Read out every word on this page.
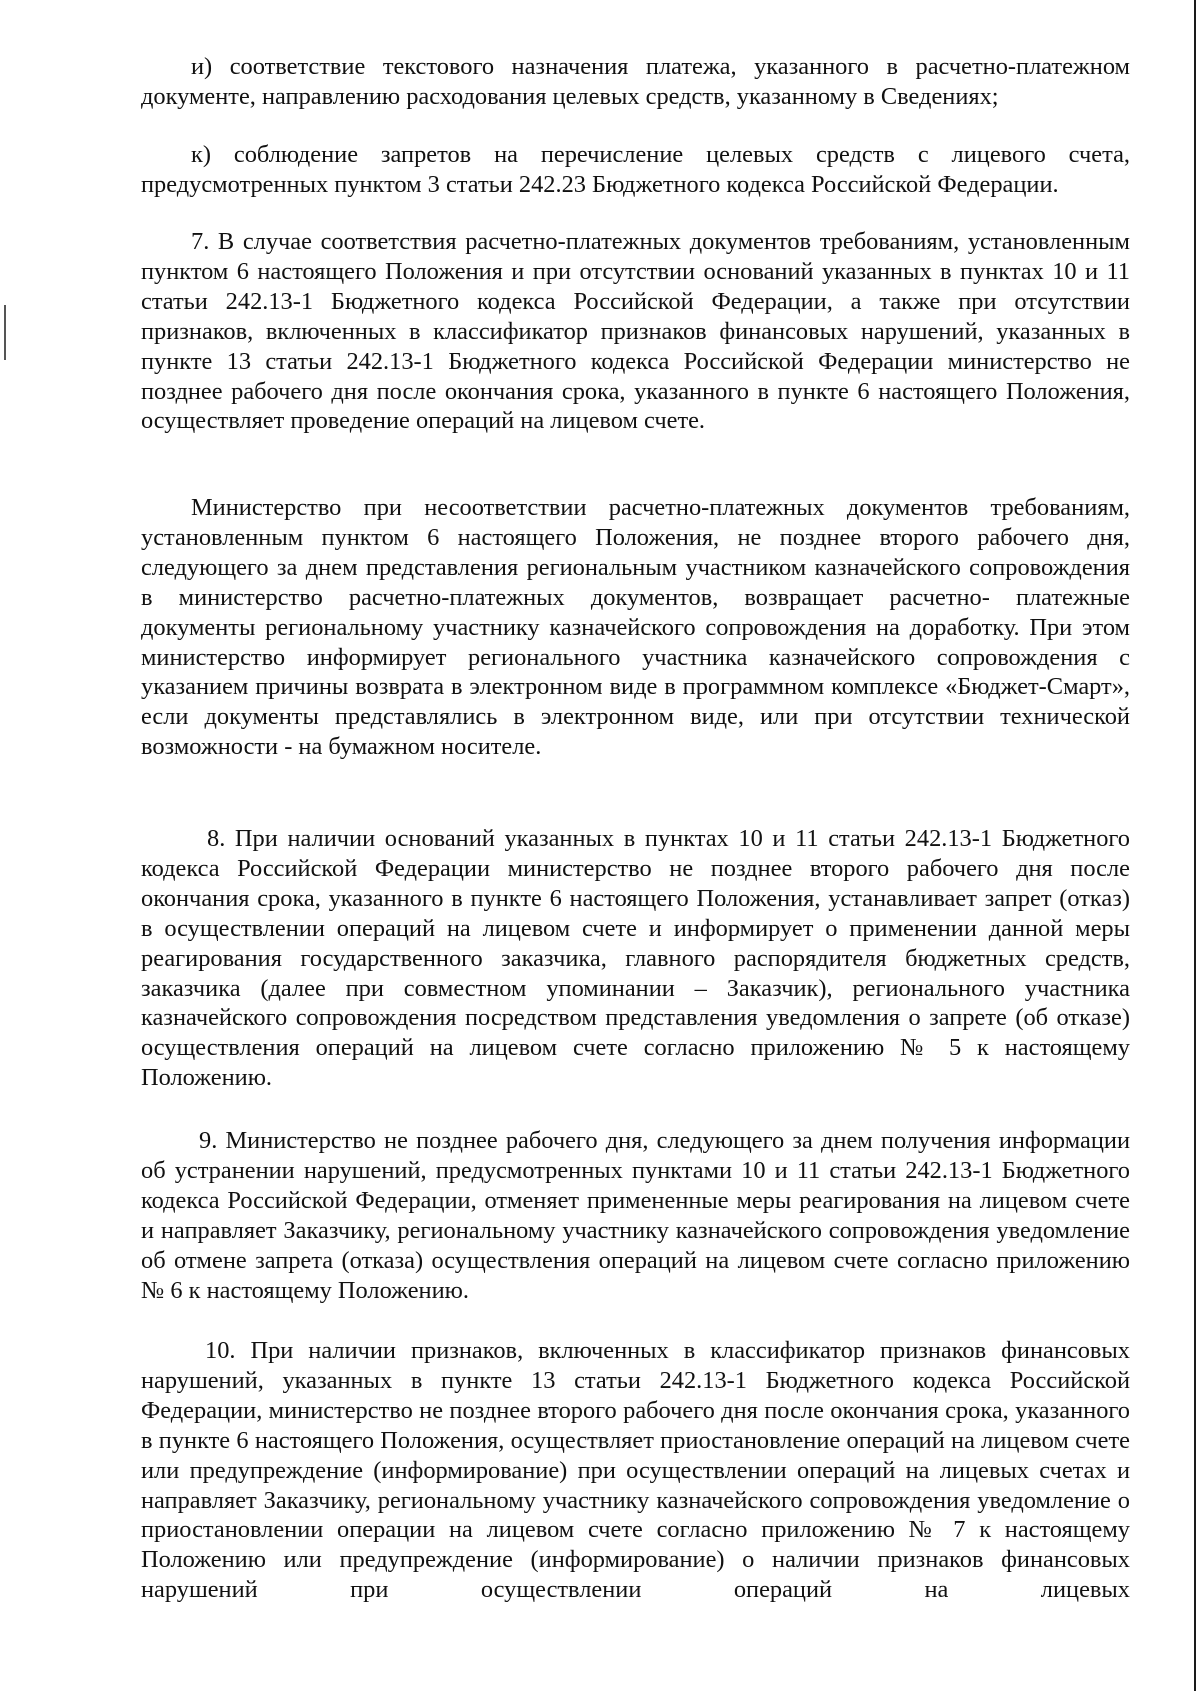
и) соответствие текстового назначения платежа, указанного в расчетно-платежном документе, направлению расходования целевых средств, указанному в Сведениях;

к) соблюдение запретов на перечисление целевых средств с лицевого счета, предусмотренных пунктом 3 статьи 242.23 Бюджетного кодекса Российской Федерации.

7. В случае соответствия расчетно-платежных документов требованиям, установленным пунктом 6 настоящего Положения и при отсутствии оснований указанных в пунктах 10 и 11 статьи 242.13-1 Бюджетного кодекса Российской Федерации, а также при отсутствии признаков, включенных в классификатор признаков финансовых нарушений, указанных в пункте 13 статьи 242.13-1 Бюджетного кодекса Российской Федерации министерство не позднее рабочего дня после окончания срока, указанного в пункте 6 настоящего Положения, осуществляет проведение операций на лицевом счете.

Министерство при несоответствии расчетно-платежных документов требованиям, установленным пунктом 6 настоящего Положения, не позднее второго рабочего дня, следующего за днем представления региональным участником казначейского сопровождения в министерство расчетно-платежных документов, возвращает расчетно- платежные документы региональному участнику казначейского сопровождения на доработку. При этом министерство информирует регионального участника казначейского сопровождения с указанием причины возврата в электронном виде в программном комплексе «Бюджет-Смарт», если документы представлялись в электронном виде, или при отсутствии технической возможности - на бумажном носителе.

8. При наличии оснований указанных в пунктах 10 и 11 статьи 242.13-1 Бюджетного кодекса Российской Федерации министерство не позднее второго рабочего дня после окончания срока, указанного в пункте 6 настоящего Положения, устанавливает запрет (отказ) в осуществлении операций на лицевом счете и информирует о применении данной меры реагирования государственного заказчика, главного распорядителя бюджетных средств, заказчика (далее при совместном упоминании – Заказчик), регионального участника казначейского сопровождения посредством представления уведомления о запрете (об отказе) осуществления операций на лицевом счете согласно приложению № 5 к настоящему Положению.

9. Министерство не позднее рабочего дня, следующего за днем получения информации об устранении нарушений, предусмотренных пунктами 10 и 11 статьи 242.13-1 Бюджетного кодекса Российской Федерации, отменяет примененные меры реагирования на лицевом счете и направляет Заказчику, региональному участнику казначейского сопровождения уведомление об отмене запрета (отказа) осуществления операций на лицевом счете согласно приложению № 6 к настоящему Положению.

10. При наличии признаков, включенных в классификатор признаков финансовых нарушений, указанных в пункте 13 статьи 242.13-1 Бюджетного кодекса Российской Федерации, министерство не позднее второго рабочего дня после окончания срока, указанного в пункте 6 настоящего Положения, осуществляет приостановление операций на лицевом счете или предупреждение (информирование) при осуществлении операций на лицевых счетах и направляет Заказчику, региональному участнику казначейского сопровождения уведомление о приостановлении операции на лицевом счете согласно приложению № 7 к настоящему Положению или предупреждение (информирование) о наличии признаков финансовых нарушений при осуществлении операций на лицевых
